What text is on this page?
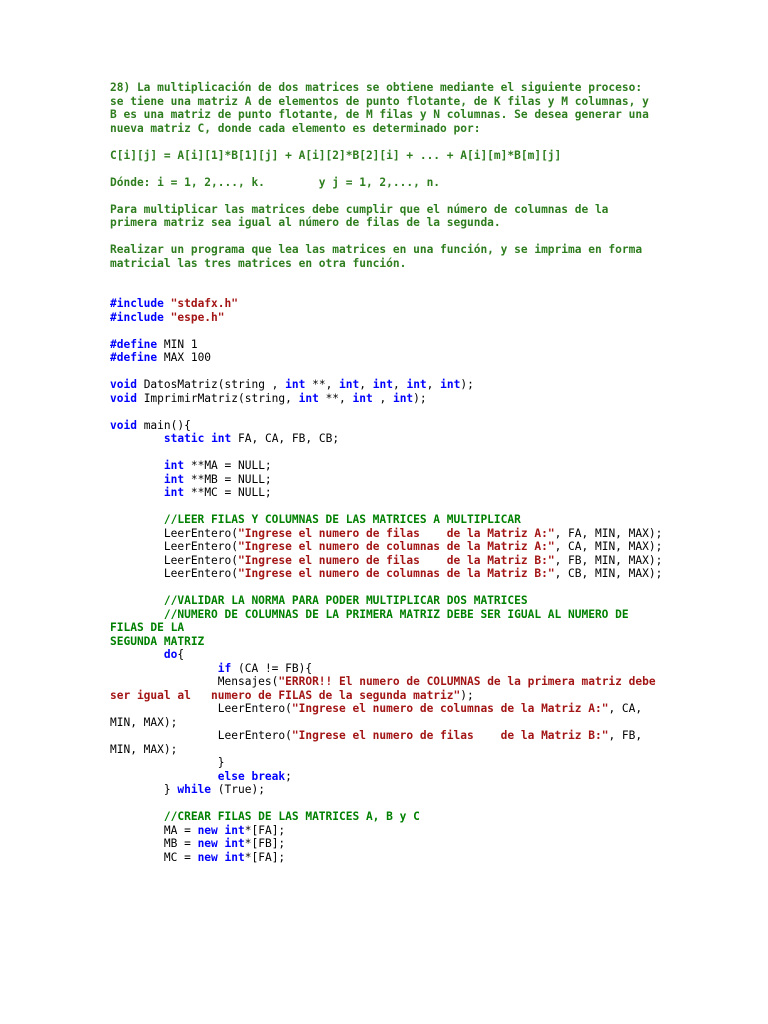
28) La multiplicación de dos matrices se obtiene mediante el siguiente proceso:
se tiene una matriz A de elementos de punto flotante, de K filas y M columnas, y
B es una matriz de punto flotante, de M filas y N columnas. Se desea generar una
nueva matriz C, donde cada elemento es determinado por:
C[i][j] = A[i][1]*B[1][j] + A[i][2]*B[2][i] + ... + A[i][m]*B[m][j]
Dónde: i = 1, 2,..., k.        y j = 1, 2,..., n.
Para multiplicar las matrices debe cumplir que el número de columnas de la
primera matriz sea igual al número de filas de la segunda.
Realizar un programa que lea las matrices en una función, y se imprima en forma
matricial las tres matrices en otra función.
#include "stdafx.h"
#include "espe.h"
#define MIN 1
#define MAX 100
void DatosMatriz(string , int **, int, int, int, int);
void ImprimirMatriz(string, int **, int , int);
void main(){
static int FA, CA, FB, CB;
int **MA = NULL;
int **MB = NULL;
int **MC = NULL;
//LEER FILAS Y COLUMNAS DE LAS MATRICES A MULTIPLICAR
LeerEntero("Ingrese el numero de filas    de la Matriz A:", FA, MIN, MAX);
LeerEntero("Ingrese el numero de columnas de la Matriz A:", CA, MIN, MAX);
LeerEntero("Ingrese el numero de filas    de la Matriz B:", FB, MIN, MAX);
LeerEntero("Ingrese el numero de columnas de la Matriz B:", CB, MIN, MAX);
//VALIDAR LA NORMA PARA PODER MULTIPLICAR DOS MATRICES
//NUMERO DE COLUMNAS DE LA PRIMERA MATRIZ DEBE SER IGUAL AL NUMERO DE
FILAS DE LA
SEGUNDA MATRIZ
do{
if (CA != FB){
Mensajes("ERROR!! El numero de COLUMNAS de la primera matriz debe
ser igual al   numero de FILAS de la segunda matriz");
LeerEntero("Ingrese el numero de columnas de la Matriz A:", CA,
MIN, MAX);
LeerEntero("Ingrese el numero de filas    de la Matriz B:", FB,
MIN, MAX);
}
else break;
} while (True);
//CREAR FILAS DE LAS MATRICES A, B y C
MA = new int*[FA];
MB = new int*[FB];
MC = new int*[FA];
